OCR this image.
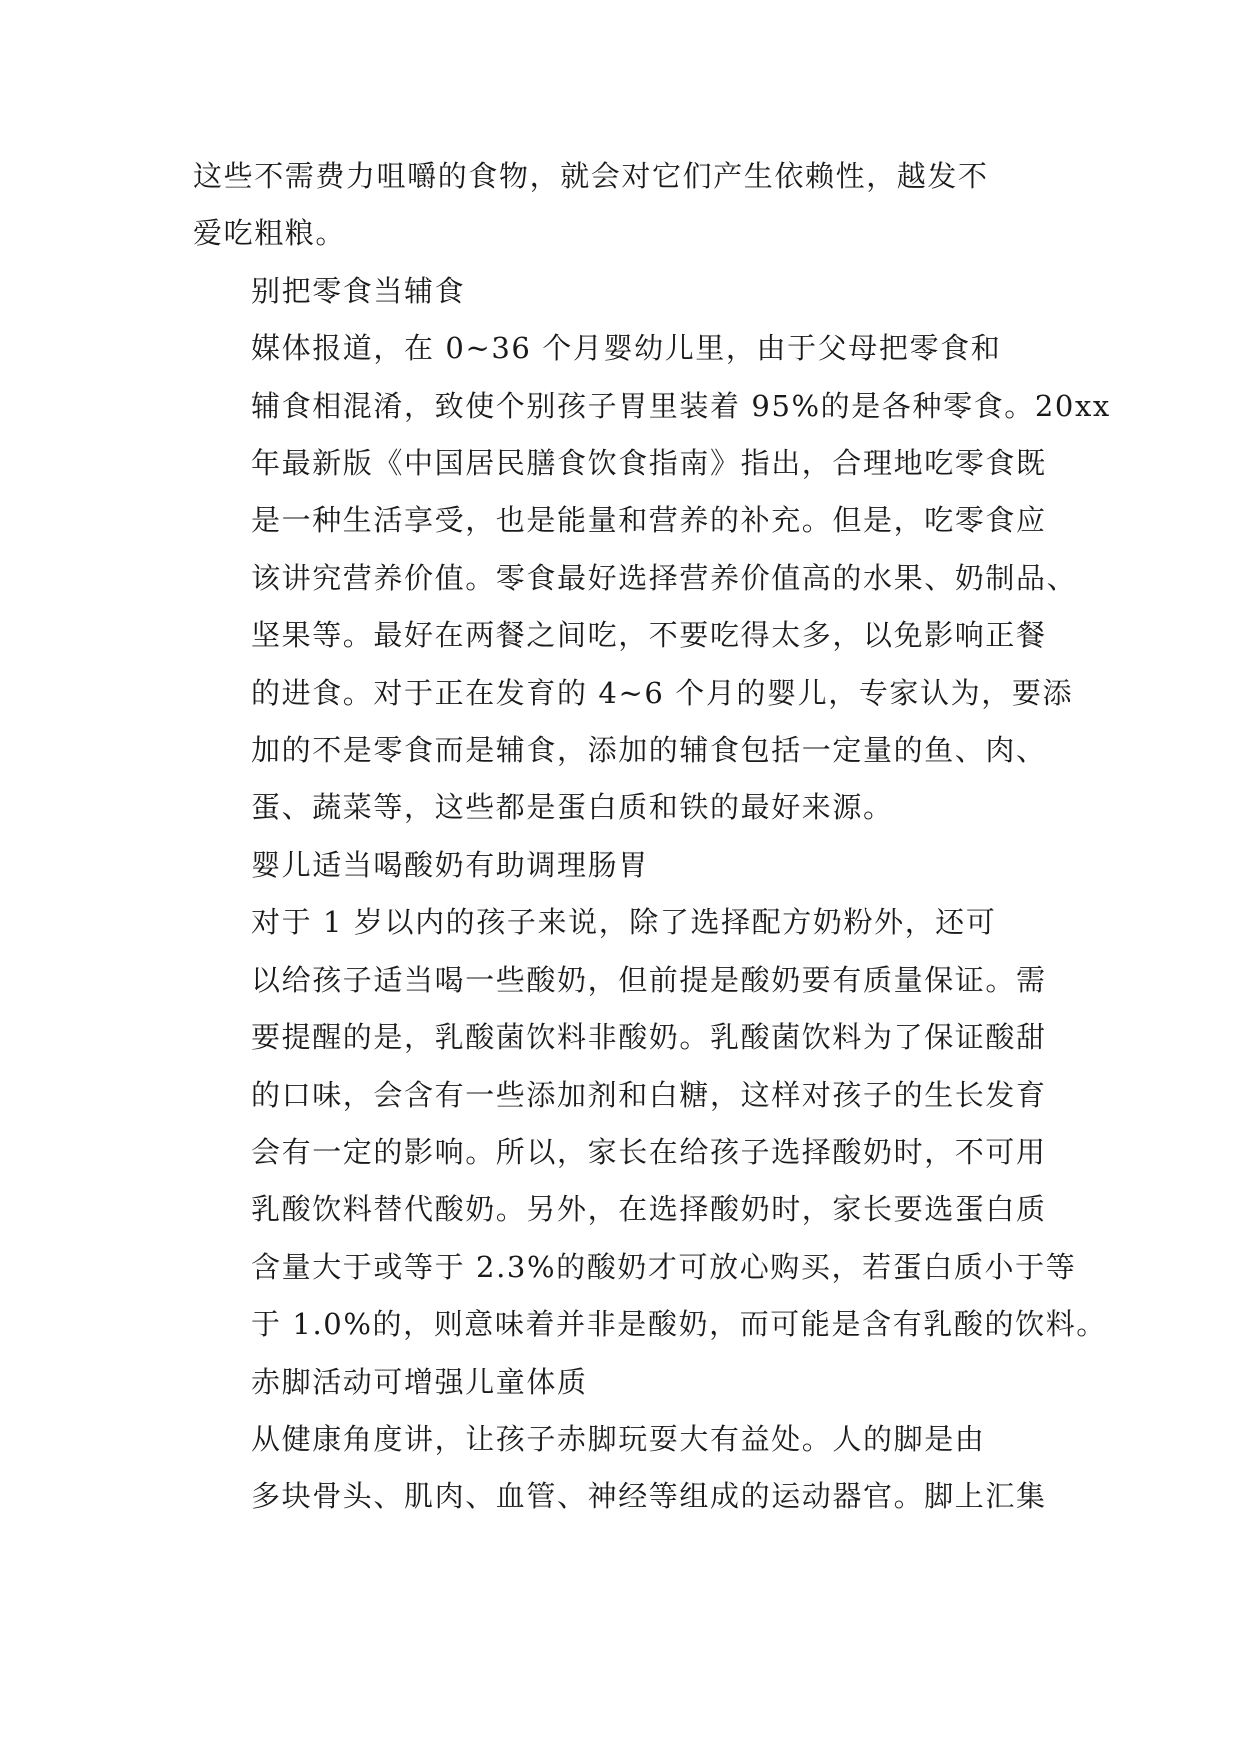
这些不需费力咀嚼的食物，就会对它们产生依赖性，越发不
爱吃粗粮。

别把零食当辅食

媒体报道，在 0~36 个月婴幼儿里，由于父母把零食和
辅食相混淆，致使个别孩子胃里装着 95%的是各种零食。20xx
年最新版《中国居民膳食饮食指南》指出，合理地吃零食既
是一种生活享受，也是能量和营养的补充。但是，吃零食应
该讲究营养价值。零食最好选择营养价值高的水果、奶制品、
坚果等。最好在两餐之间吃，不要吃得太多，以免影响正餐
的进食。对于正在发育的 4~6 个月的婴儿，专家认为，要添
加的不是零食而是辅食，添加的辅食包括一定量的鱼、肉、
蛋、蔬菜等，这些都是蛋白质和铁的最好来源。

婴儿适当喝酸奶有助调理肠胃

对于 1 岁以内的孩子来说，除了选择配方奶粉外，还可
以给孩子适当喝一些酸奶，但前提是酸奶要有质量保证。需
要提醒的是，乳酸菌饮料非酸奶。乳酸菌饮料为了保证酸甜
的口味，会含有一些添加剂和白糖，这样对孩子的生长发育
会有一定的影响。所以，家长在给孩子选择酸奶时，不可用
乳酸饮料替代酸奶。另外，在选择酸奶时，家长要选蛋白质
含量大于或等于 2.3%的酸奶才可放心购买，若蛋白质小于等
于 1.0%的，则意味着并非是酸奶，而可能是含有乳酸的饮料。

赤脚活动可增强儿童体质

从健康角度讲，让孩子赤脚玩耍大有益处。人的脚是由
多块骨头、肌肉、血管、神经等组成的运动器官。脚上汇集
